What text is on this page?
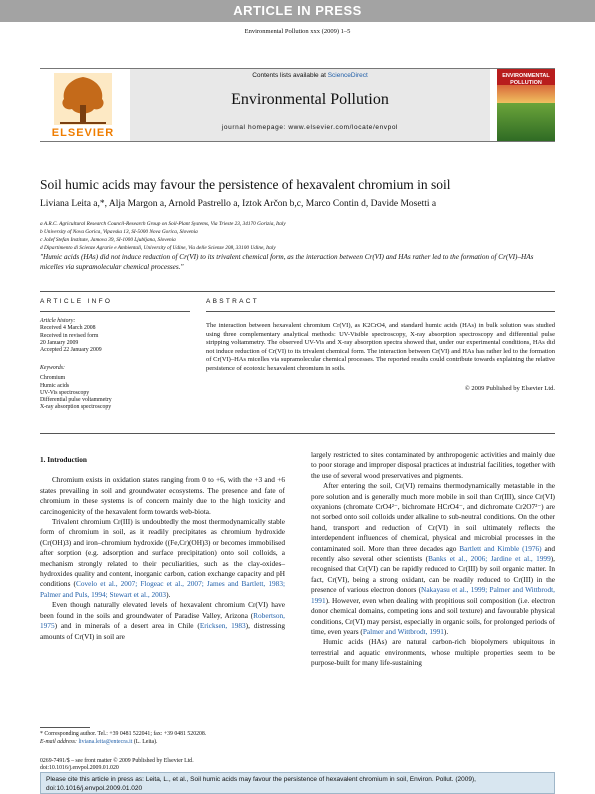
ARTICLE IN PRESS
Environmental Pollution xxx (2009) 1–5
ELSEVIER
Contents lists available at ScienceDirect
Environmental Pollution
journal homepage: www.elsevier.com/locate/envpol
ENVIRONMENTAL
POLLUTION
Soil humic acids may favour the persistence of hexavalent chromium in soil
Liviana Leita a,*, Alja Margon a, Arnold Pastrello a, Iztok Arčon b,c, Marco Contin d, Davide Mosetti a
a A.R.C. Agricultural Research Council-Research Group on Soil-Plant Systems, Via Trieste 23, 34170 Gorizia, Italy
b University of Nova Gorica, Vipavska 13, SI-5000 Nova Gorica, Slovenia
c Jožef Stefan Institute, Jamova 39, SI-1000 Ljubljana, Slovenia
d Dipartimento di Scienze Agrarie e Ambientali, University of Udine, Via delle Scienze 208, 33100 Udine, Italy
"Humic acids (HAs) did not induce reduction of Cr(VI) to its trivalent chemical form, as the interaction between Cr(VI) and HAs rather led to the formation of Cr(VI)–HAs micelles via supramolecular chemical processes."
ARTICLE INFO	ABSTRACT
Article history:
Received 4 March 2008
Received in revised form
20 January 2009
Accepted 22 January 2009
Keywords:
Chromium
Humic acids
UV-Vis spectroscopy
Differential pulse voltammetry
X-ray absorption spectroscopy
The interaction between hexavalent chromium Cr(VI), as K2CrO4, and standard humic acids (HAs) in bulk solution was studied using three complementary analytical methods: UV-Visible spectroscopy, X-ray absorption spectroscopy and differential pulse stripping voltammetry. The observed UV-Vis and X-ray absorption spectra showed that, under our experimental conditions, HAs did not induce reduction of Cr(VI) to its trivalent chemical form. The interaction between Cr(VI) and HAs has rather led to the formation of Cr(VI)–HAs micelles via supramolecular chemical processes. The reported results could contribute towards explaining the relative persistence of ecotoxic hexavalent chromium in soils.
© 2009 Published by Elsevier Ltd.
1. Introduction

Chromium exists in oxidation states ranging from 0 to +6, with the +3 and +6 states prevailing in soil and groundwater ecosystems. The presence and fate of chromium in these systems is of concern mainly due to the high toxicity and carcinogenicity of the hexavalent form towards web-biota.

Trivalent chromium Cr(III) is undoubtedly the most thermodynamically stable form of chromium in soil, as it readily precipitates as chromium hydroxide (Cr(OH)3) and iron–chromium hydroxide ((Fe,Cr)(OH)3) or becomes immobilised after sorption (e.g. adsorption and surface precipitation) onto soil colloids, a mechanism strongly related to their peculiarities, such as the clay-oxides–hydroxides quality and content, inorganic carbon, cation exchange capacity and pH conditions (Covelo et al., 2007; Flogeac et al., 2007; James and Bartlett, 1983; Palmer and Puls, 1994; Stewart et al., 2003).

Even though naturally elevated levels of hexavalent chromium Cr(VI) have been found in the soils and groundwater of Paradise Valley, Arizona (Robertson, 1975) and in minerals of a desert area in Chile (Ericksen, 1983), distressing amounts of Cr(VI) in soil are

largely restricted to sites contaminated by anthropogenic activities and mainly due to poor storage and improper disposal practices at industrial facilities, together with the use of several wood preservatives and pigments.

After entering the soil, Cr(VI) remains thermodynamically metastable in the pore solution and is generally much more mobile in soil than Cr(III), since Cr(VI) oxyanions (chromate CrO4²⁻, bichromate HCrO4⁻, and dichromate Cr2O7²⁻) are not sorbed onto soil colloids under alkaline to sub-neutral conditions. On the other hand, transport and reduction of Cr(VI) in soil ultimately reflects the interdependent influences of chemical, physical and microbial processes in the contaminated soil. More than three decades ago Bartlett and Kimble (1976) and recently also several other scientists (Banks et al., 2006; Jardine et al., 1999), recognised that Cr(VI) can be rapidly reduced to Cr(III) by soil organic matter. In fact, Cr(VI), being a strong oxidant, can be readily reduced to Cr(III) in the presence of various electron donors (Nakayasu et al., 1999; Palmer and Wittbrodt, 1991). However, even when dealing with propitious soil composition (i.e. electron donor chemical domains, competing ions and soil texture) and favourable physical conditions, Cr(VI) may persist, especially in organic soils, for prolonged periods of time, even years (Palmer and Wittbrodt, 1991).

Humic acids (HAs) are natural carbon-rich biopolymers ubiquitous in terrestrial and aquatic environments, whose multiple properties seem to be purpose-built for many life-sustaining

* Corresponding author. Tel.: +39 0481 522041; fax: +39 0481 520208.
E-mail address: liviana.leita@entecra.it (L. Leita).
0269-7491/$ – see front matter © 2009 Published by Elsevier Ltd.
doi:10.1016/j.envpol.2009.01.020
Please cite this article in press as: Leita, L., et al., Soil humic acids may favour the persistence of hexavalent chromium in soil, Environ. Pollut. (2009), doi:10.1016/j.envpol.2009.01.020
